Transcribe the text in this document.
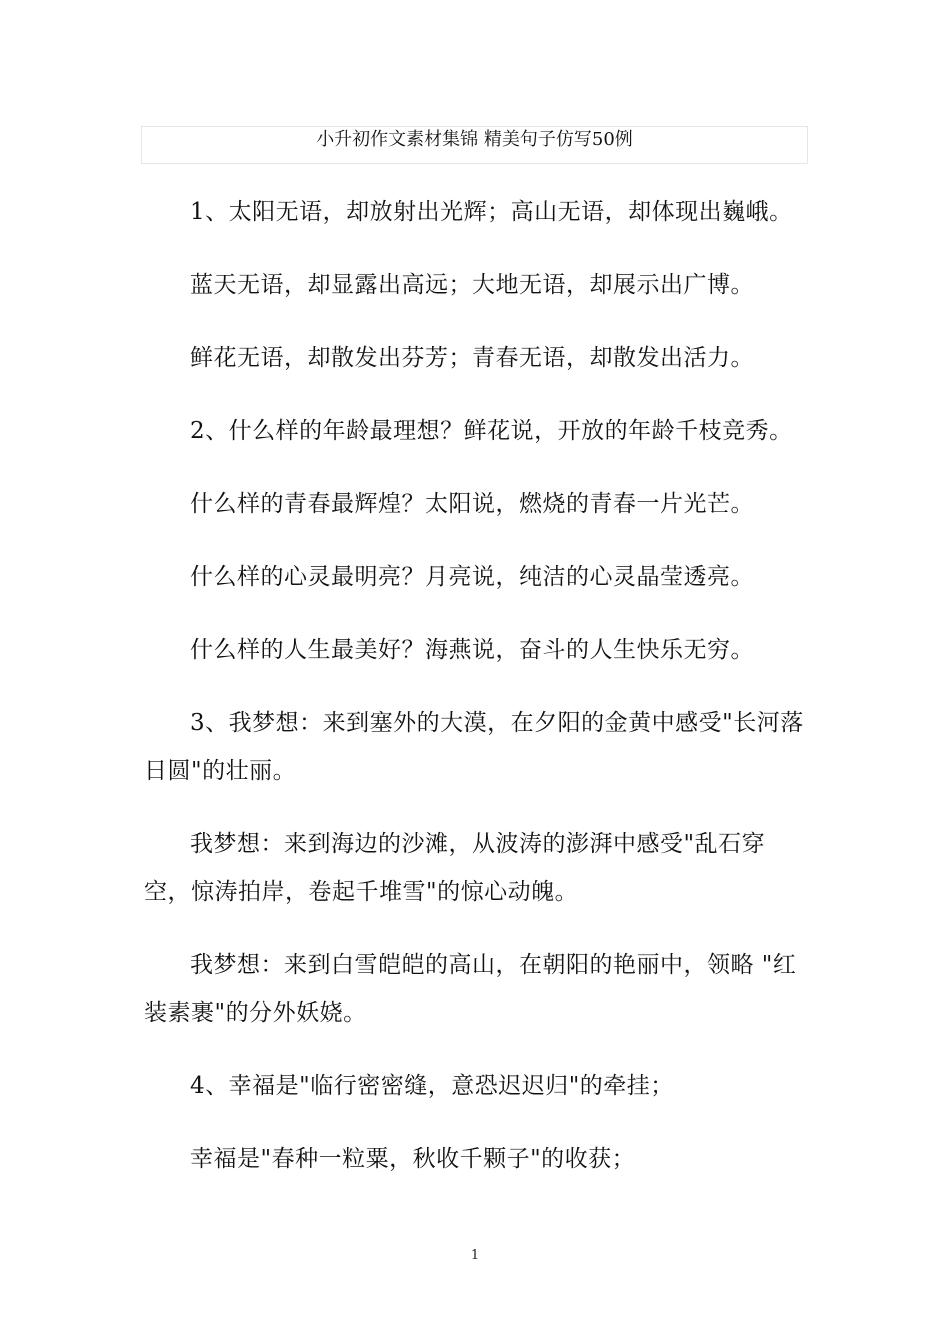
小升初作文素材集锦 精美句子仿写50例

1、太阳无语，却放射出光辉；高山无语，却体现出巍峨。

蓝天无语，却显露出高远；大地无语，却展示出广博。

鲜花无语，却散发出芬芳；青春无语，却散发出活力。

2、什么样的年龄最理想？鲜花说，开放的年龄千枝竞秀。

什么样的青春最辉煌？太阳说，燃烧的青春一片光芒。

什么样的心灵最明亮？月亮说，纯洁的心灵晶莹透亮。

什么样的人生最美好？海燕说，奋斗的人生快乐无穷。

3、我梦想：来到塞外的大漠，在夕阳的金黄中感受"长河落日圆"的壮丽。

我梦想：来到海边的沙滩，从波涛的澎湃中感受"乱石穿空，惊涛拍岸，卷起千堆雪"的惊心动魄。

我梦想：来到白雪皑皑的高山，在朝阳的艳丽中，领略 "红装素裹"的分外妖娆。

4、幸福是"临行密密缝，意恐迟迟归"的牵挂；

幸福是"春种一粒粟，秋收千颗子"的收获；

1
